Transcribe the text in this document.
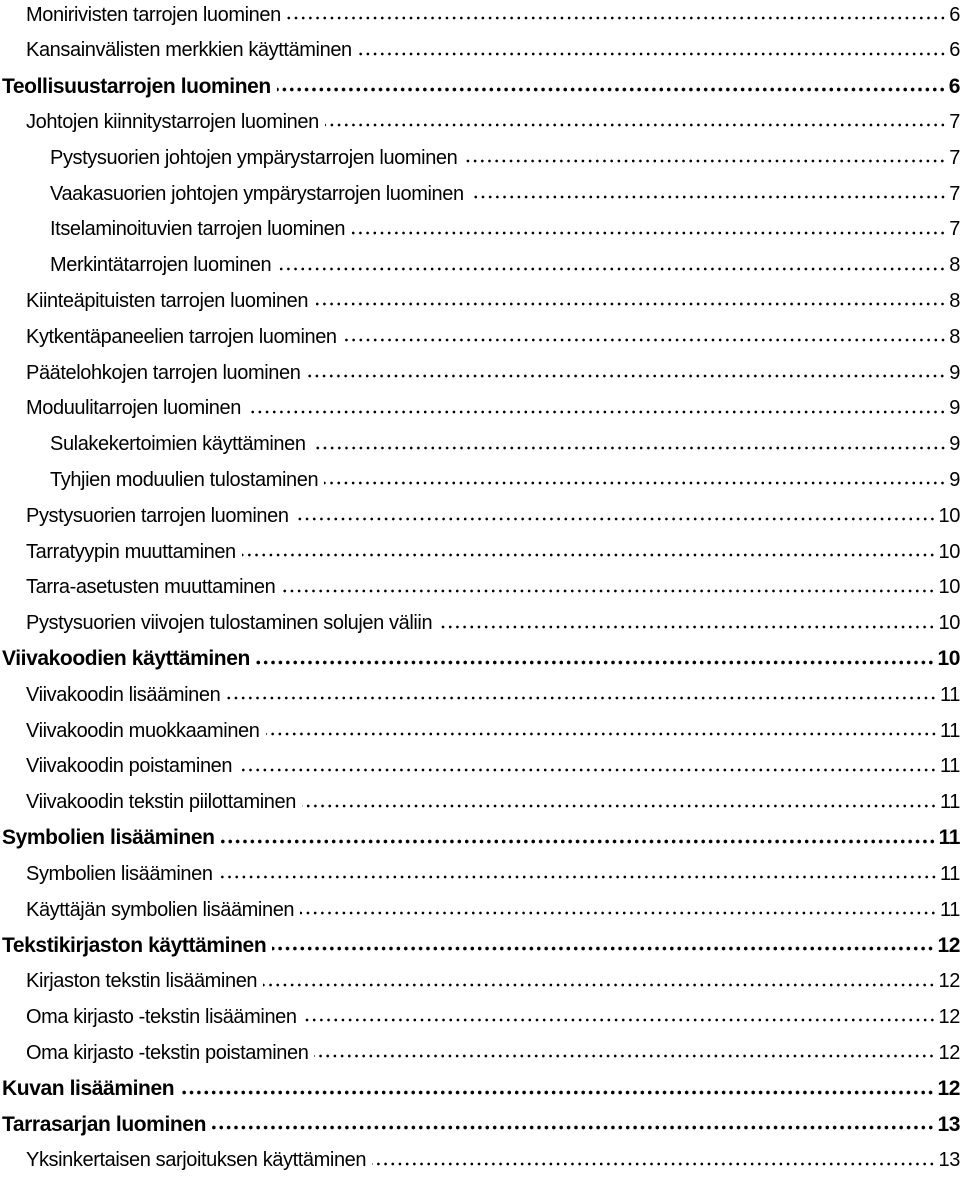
Monirivisten tarrojen luominen	6
Kansainvälisten merkkien käyttäminen	6
Teollisuustarrojen luominen	6
Johtojen kiinnitystarrojen luominen	7
Pystysuorien johtojen ympärystarrojen luominen	7
Vaakasuorien johtojen ympärystarrojen luominen	7
Itselaminoituvien tarrojen luominen	7
Merkintätarrojen luominen	8
Kiinteäpituisten tarrojen luominen	8
Kytkentäpaneelien tarrojen luominen	8
Päätelohkojen tarrojen luominen	9
Moduulitarrojen luominen	9
Sulakekertoimien käyttäminen	9
Tyhjien moduulien tulostaminen	9
Pystysuorien tarrojen luominen	10
Tarratyypin muuttaminen	10
Tarra-asetusten muuttaminen	10
Pystysuorien viivojen tulostaminen solujen väliin	10
Viivakoodien käyttäminen	10
Viivakoodin lisääminen	11
Viivakoodin muokkaaminen	11
Viivakoodin poistaminen	11
Viivakoodin tekstin piilottaminen	11
Symbolien lisääminen	11
Symbolien lisääminen	11
Käyttäjän symbolien lisääminen	11
Tekstikirjaston käyttäminen	12
Kirjaston tekstin lisääminen	12
Oma kirjasto -tekstin lisääminen	12
Oma kirjasto -tekstin poistaminen	12
Kuvan lisääminen	12
Tarrasarjan luominen	13
Yksinkertaisen sarjoituksen käyttäminen	13
